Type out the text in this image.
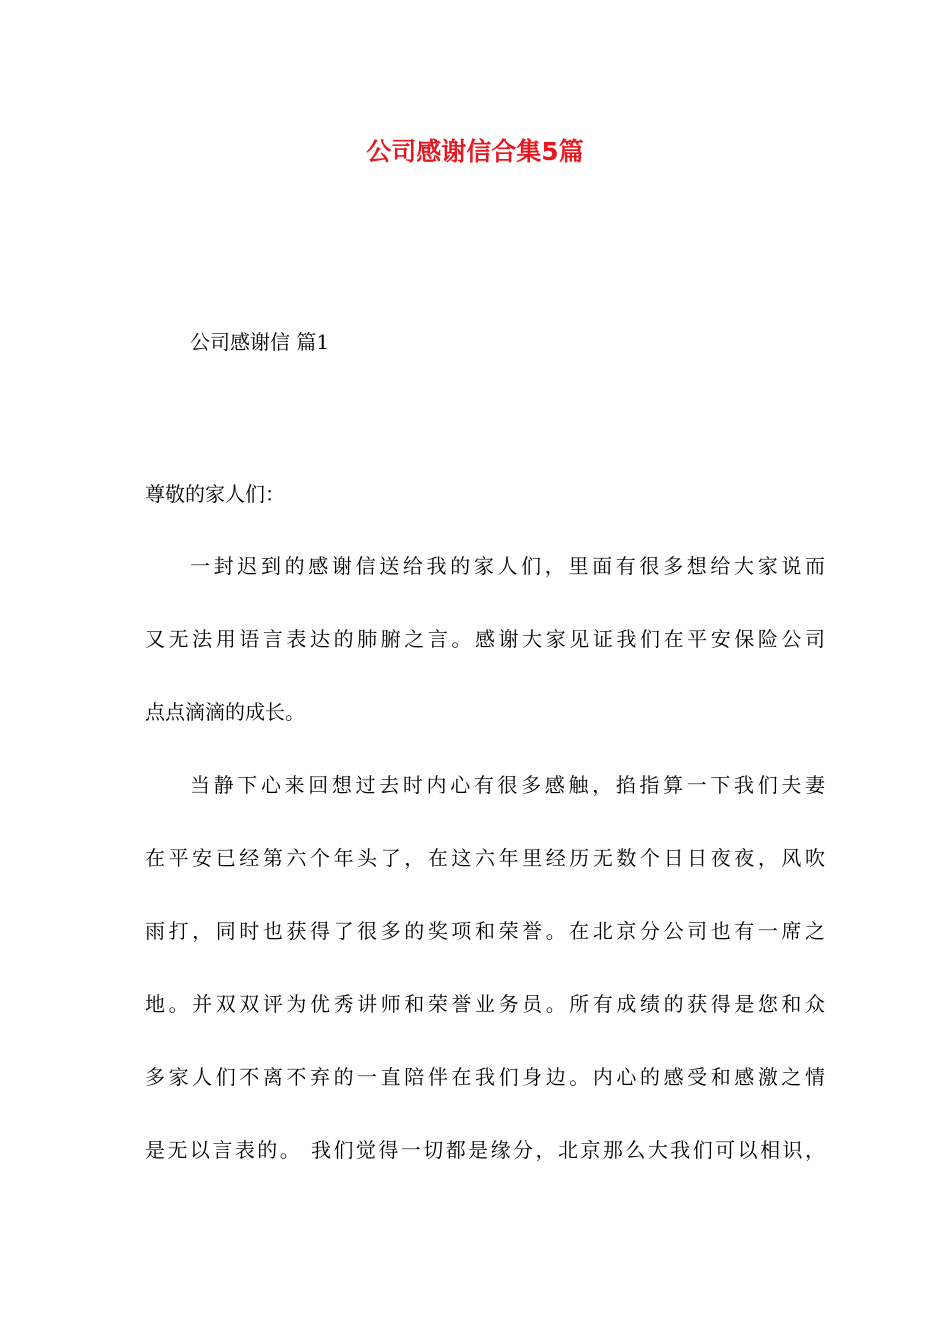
公司感谢信合集5篇

公司感谢信 篇1

尊敬的家人们：

一封迟到的感谢信送给我的家人们，里面有很多想给大家说而
又无法用语言表达的肺腑之言。感谢大家见证我们在平安保险公司
点点滴滴的成长。
当静下心来回想过去时内心有很多感触，掐指算一下我们夫妻
在平安已经第六个年头了，在这六年里经历无数个日日夜夜，风吹
雨打，同时也获得了很多的奖项和荣誉。在北京分公司也有一席之
地。并双双评为优秀讲师和荣誉业务员。所有成绩的获得是您和众
多家人们不离不弃的一直陪伴在我们身边。内心的感受和感激之情
是无以言表的。 我们觉得一切都是缘分，北京那么大我们可以相识，
